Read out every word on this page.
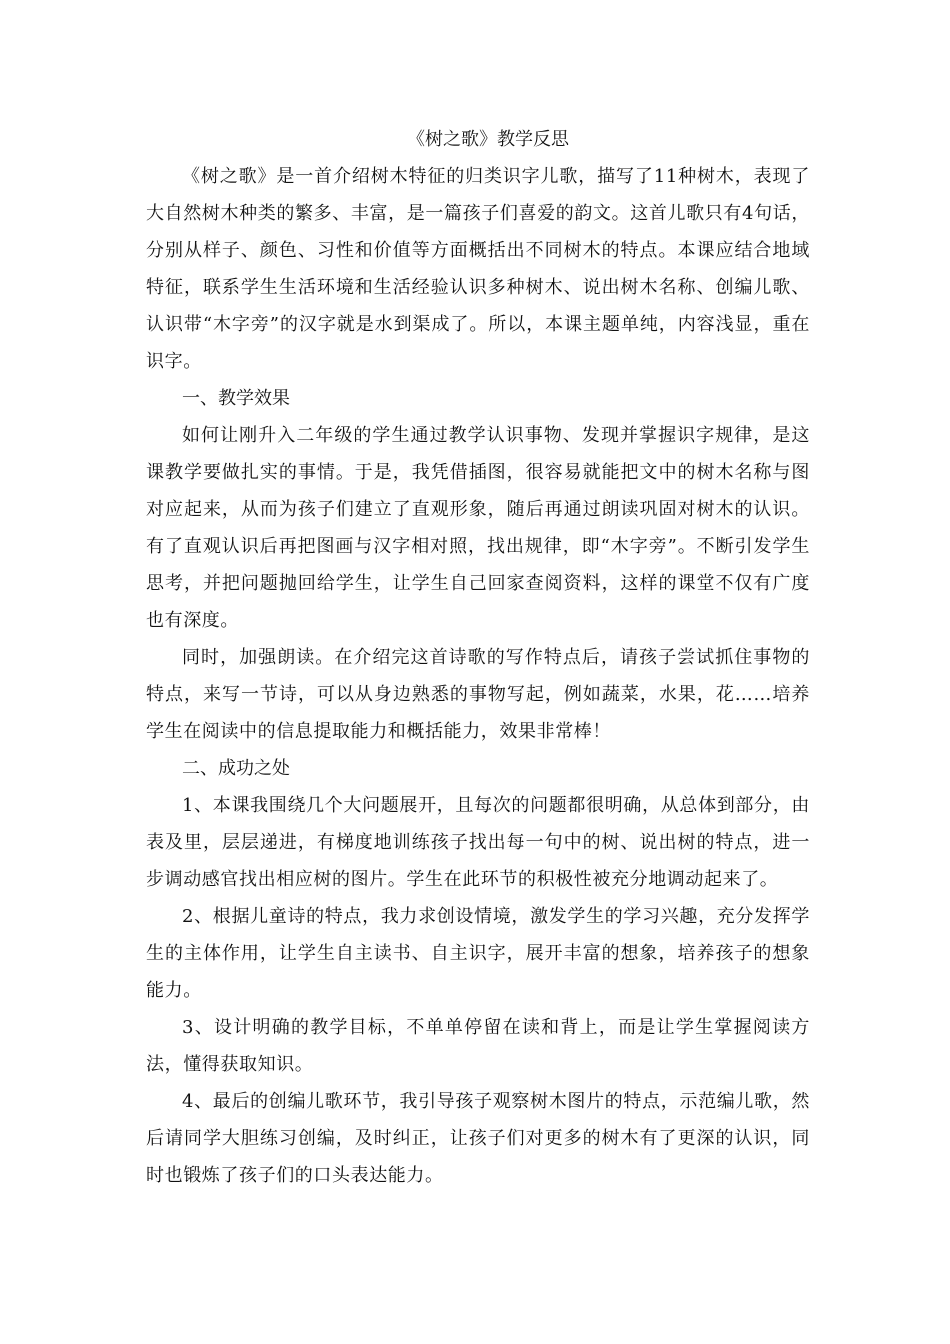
《树之歌》教学反思

《树之歌》是一首介绍树木特征的归类识字儿歌，描写了11种树木，表现了大自然树木种类的繁多、丰富，是一篇孩子们喜爱的韵文。这首儿歌只有4句话，分别从样子、颜色、习性和价值等方面概括出不同树木的特点。本课应结合地域特征，联系学生生活环境和生活经验认识多种树木、说出树木名称、创编儿歌、认识带“木字旁”的汉字就是水到渠成了。所以，本课主题单纯，内容浅显，重在识字。

一、教学效果

如何让刚升入二年级的学生通过教学认识事物、发现并掌握识字规律，是这课教学要做扎实的事情。于是，我凭借插图，很容易就能把文中的树木名称与图对应起来，从而为孩子们建立了直观形象，随后再通过朗读巩固对树木的认识。有了直观认识后再把图画与汉字相对照，找出规律，即“木字旁”。不断引发学生思考，并把问题抛回给学生，让学生自己回家查阅资料，这样的课堂不仅有广度也有深度。

同时，加强朗读。在介绍完这首诗歌的写作特点后，请孩子尝试抓住事物的特点，来写一节诗，可以从身边熟悉的事物写起，例如蔬菜，水果，花……培养学生在阅读中的信息提取能力和概括能力，效果非常棒！

二、成功之处

1、本课我围绕几个大问题展开，且每次的问题都很明确，从总体到部分，由表及里，层层递进，有梯度地训练孩子找出每一句中的树、说出树的特点，进一步调动感官找出相应树的图片。学生在此环节的积极性被充分地调动起来了。

2、根据儿童诗的特点，我力求创设情境，激发学生的学习兴趣，充分发挥学生的主体作用，让学生自主读书、自主识字，展开丰富的想象，培养孩子的想象能力。

3、设计明确的教学目标，不单单停留在读和背上，而是让学生掌握阅读方法，懂得获取知识。

4、最后的创编儿歌环节，我引导孩子观察树木图片的特点，示范编儿歌，然后请同学大胆练习创编，及时纠正，让孩子们对更多的树木有了更深的认识，同时也锻炼了孩子们的口头表达能力。
